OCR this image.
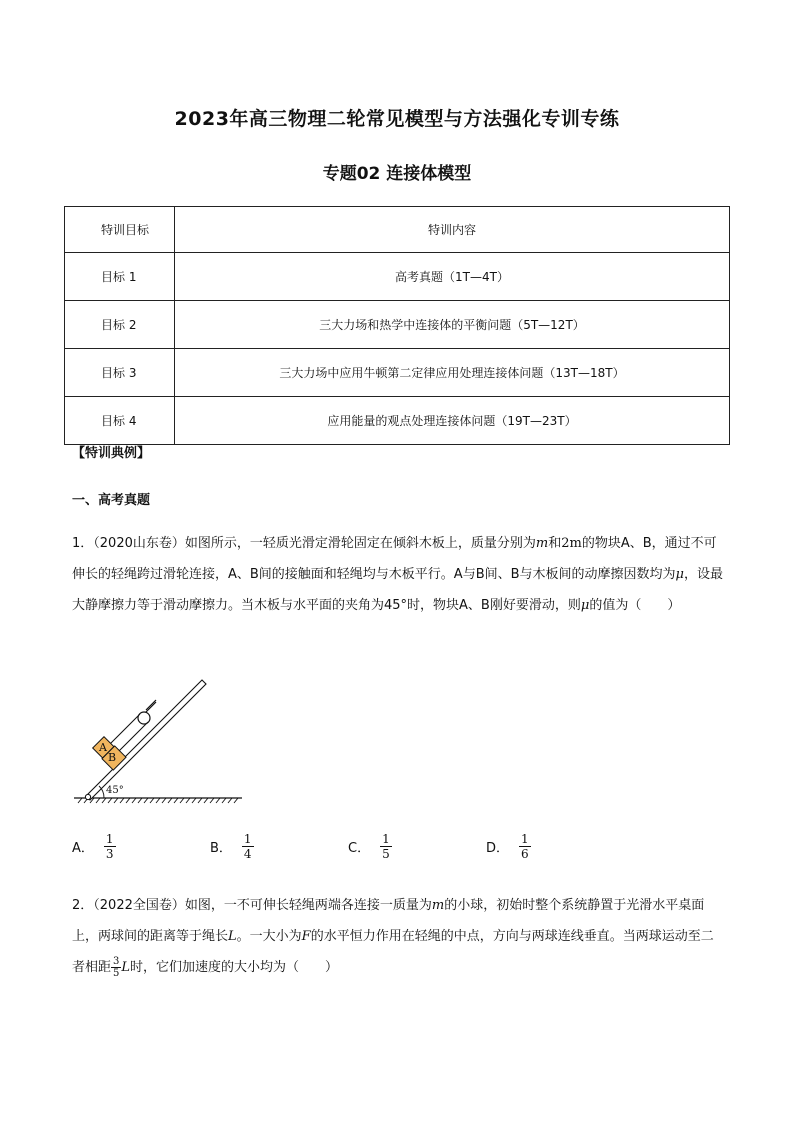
2023年高三物理二轮常见模型与方法强化专训专练
专题02 连接体模型
特训目标	特训内容
目标 1	高考真题（1T—4T）
目标 2	三大力场和热学中连接体的平衡问题（5T—12T）
目标 3	三大力场中应用牛顿第二定律应用处理连接体问题（13T—18T）
目标 4	应用能量的观点处理连接体问题（19T—23T）
【特训典例】
一、高考真题
1．（2020山东卷）如图所示，一轻质光滑定滑轮固定在倾斜木板上，质量分别为m和2m的物块A、B，通过不可伸长的轻绳跨过滑轮连接，A、B间的接触面和轻绳均与木板平行。A与B间、B与木板间的动摩擦因数均为μ，设最大静摩擦力等于滑动摩擦力。当木板与水平面的夹角为45°时，物块A、B刚好要滑动，则μ的值为（　　）
45°
A
B
A． $\frac{1}{3}$	B． $\frac{1}{4}$	C． $\frac{1}{5}$	D． $\frac{1}{6}$
2．（2022全国卷）如图，一不可伸长轻绳两端各连接一质量为m的小球，初始时整个系统静置于光滑水平桌面上，两球间的距离等于绳长L。一大小为F的水平恒力作用在轻绳的中点，方向与两球连线垂直。当两球运动至二者相距 $\frac{3}{5}$ L时，它们加速度的大小均为（　　）
